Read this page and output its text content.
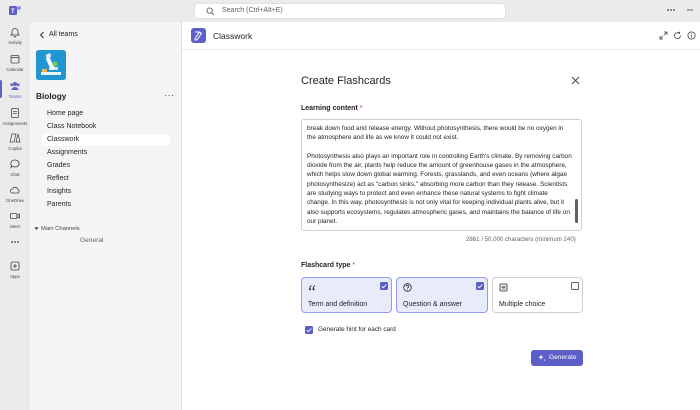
T	Search (Ctrl+Alt+E)
Activity
Calendar
Teams
Assignments
Copilot
Chat
OneDrive
Meet
Apps
All teams
Biology	···
Home page
Class Notebook
Classwork
Assignments
Grades
Reflect
Insights
Parents
Main Channels
General
Classwork
Create Flashcards
Learning content *

break down food and release energy. Without photosynthesis, there would be no oxygen in the atmosphere and life as we know it could not exist.

Photosynthesis also plays an important role in controlling Earth's climate. By removing carbon dioxide from the air, plants help reduce the amount of greenhouse gases in the atmosphere, which helps slow down global warming. Forests, grasslands, and even oceans (where algae photosynthesize) act as "carbon sinks," absorbing more carbon than they release. Scientists are studying ways to protect and even enhance these natural systems to fight climate change. In this way, photosynthesis is not only vital for keeping individual plants alive, but it also supports ecosystems, regulates atmospheric gases, and maintains the balance of life on our planet.

2861 / 50,000 characters (minimum 240)
Flashcard type *
Term and definition	Question & answer	Multiple choice
Generate hint for each card
Generate
